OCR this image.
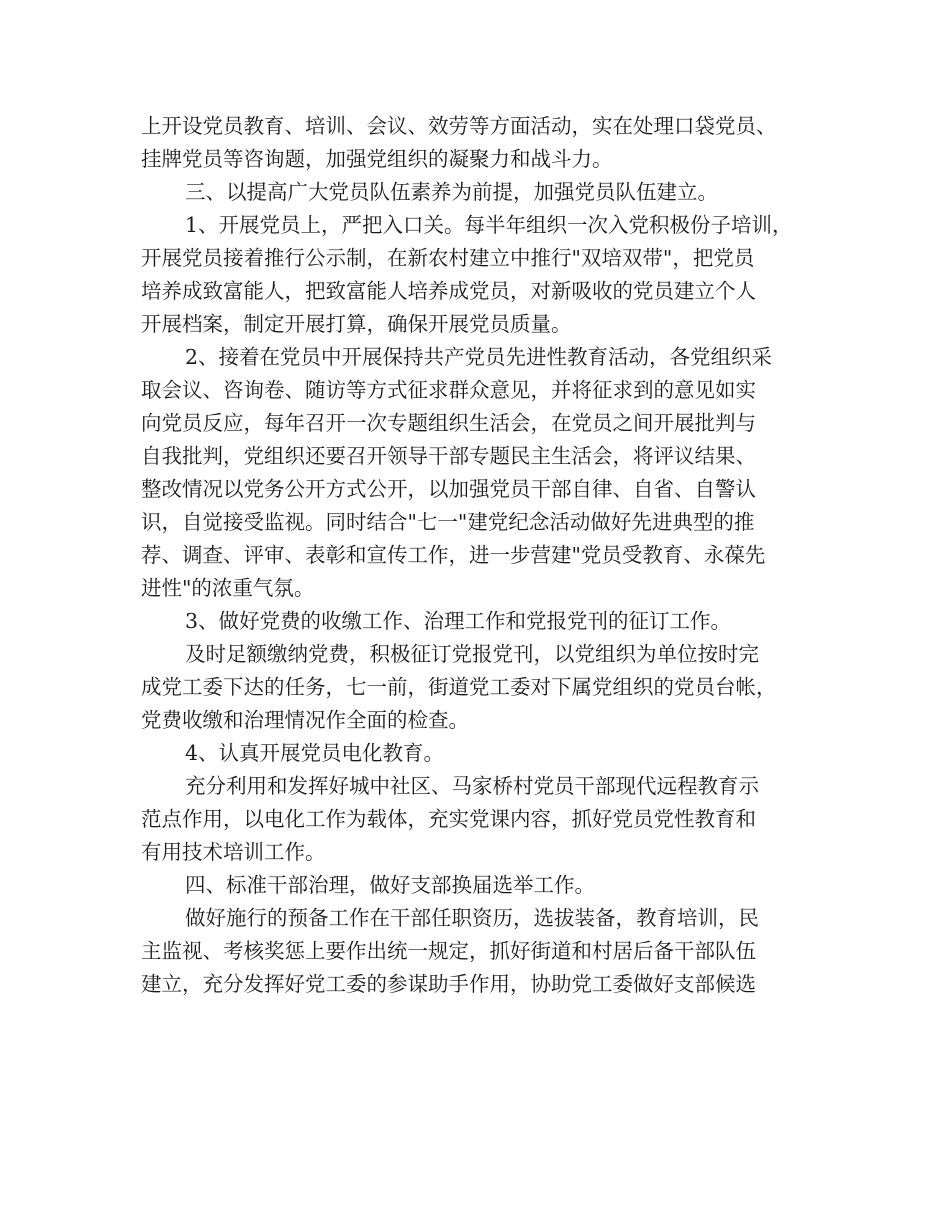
上开设党员教育、培训、会议、效劳等方面活动，实在处理口袋党员、
挂牌党员等咨询题，加强党组织的凝聚力和战斗力。
三、以提高广大党员队伍素养为前提，加强党员队伍建立。
1、开展党员上，严把入口关。每半年组织一次入党积极份子培训，
开展党员接着推行公示制，在新农村建立中推行"双培双带"，把党员
培养成致富能人，把致富能人培养成党员，对新吸收的党员建立个人
开展档案，制定开展打算，确保开展党员质量。
2、接着在党员中开展保持共产党员先进性教育活动，各党组织采
取会议、咨询卷、随访等方式征求群众意见，并将征求到的意见如实
向党员反应，每年召开一次专题组织生活会，在党员之间开展批判与
自我批判，党组织还要召开领导干部专题民主生活会，将评议结果、
整改情况以党务公开方式公开，以加强党员干部自律、自省、自警认
识，自觉接受监视。同时结合"七一"建党纪念活动做好先进典型的推
荐、调查、评审、表彰和宣传工作，进一步营建"党员受教育、永葆先
进性"的浓重气氛。
3、做好党费的收缴工作、治理工作和党报党刊的征订工作。
及时足额缴纳党费，积极征订党报党刊，以党组织为单位按时完
成党工委下达的任务，七一前，街道党工委对下属党组织的党员台帐，
党费收缴和治理情况作全面的检查。
4、认真开展党员电化教育。
充分利用和发挥好城中社区、马家桥村党员干部现代远程教育示
范点作用，以电化工作为载体，充实党课内容，抓好党员党性教育和
有用技术培训工作。
四、标准干部治理，做好支部换届选举工作。
做好施行的预备工作在干部任职资历，选拔装备，教育培训，民
主监视、考核奖惩上要作出统一规定，抓好街道和村居后备干部队伍
建立，充分发挥好党工委的参谋助手作用，协助党工委做好支部候选
